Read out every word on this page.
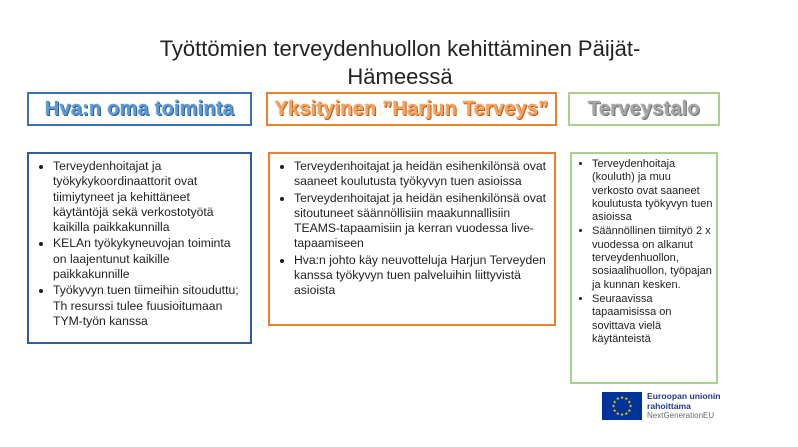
Työttömien terveydenhuollon kehittäminen Päijät-
Hämeessä
Hva:n oma toiminta Yksityinen ”Harjun Terveys” Terveystalo
• Terveydenhoitajat ja työkykykoordinaattorit ovat tiimiytyneet ja kehittäneet käytäntöjä sekä verkostotyötä kaikilla paikkakunnilla
• KELAn työkykyneuvojan toiminta on laajentunut kaikille paikkakunnille
• Työkyvyn tuen tiimeihin sitouduttu; Th resurssi tulee fuusioitumaan TYM-työn kanssa
• Terveydenhoitajat ja heidän esihenkilönsä ovat saaneet koulutusta työkyvyn tuen asioissa
• Terveydenhoitajat ja heidän esihenkilönsä ovat sitoutuneet säännöllisiin maakunnallisiin TEAMS-tapaamisiin ja kerran vuodessa live-tapaamiseen
• Hva:n johto käy neuvotteluja Harjun Terveyden kanssa työkyvyn tuen palveluihin liittyvistä asioista
• Terveydenhoitaja (kouluth) ja muu verkosto ovat saaneet koulutusta työkyvyn tuen asioissa
• Säännöllinen tiimityö 2 x vuodessa on alkanut terveydenhuollon, sosiaalihuollon, työpajan ja kunnan kesken.
• Seuraavissa tapaamisissa on sovittava vielä käytänteistä
★ ★
★
★
★
★
★
★
★
★
★
★	Euroopan unionin
rahoittama
NextGenerationEU
